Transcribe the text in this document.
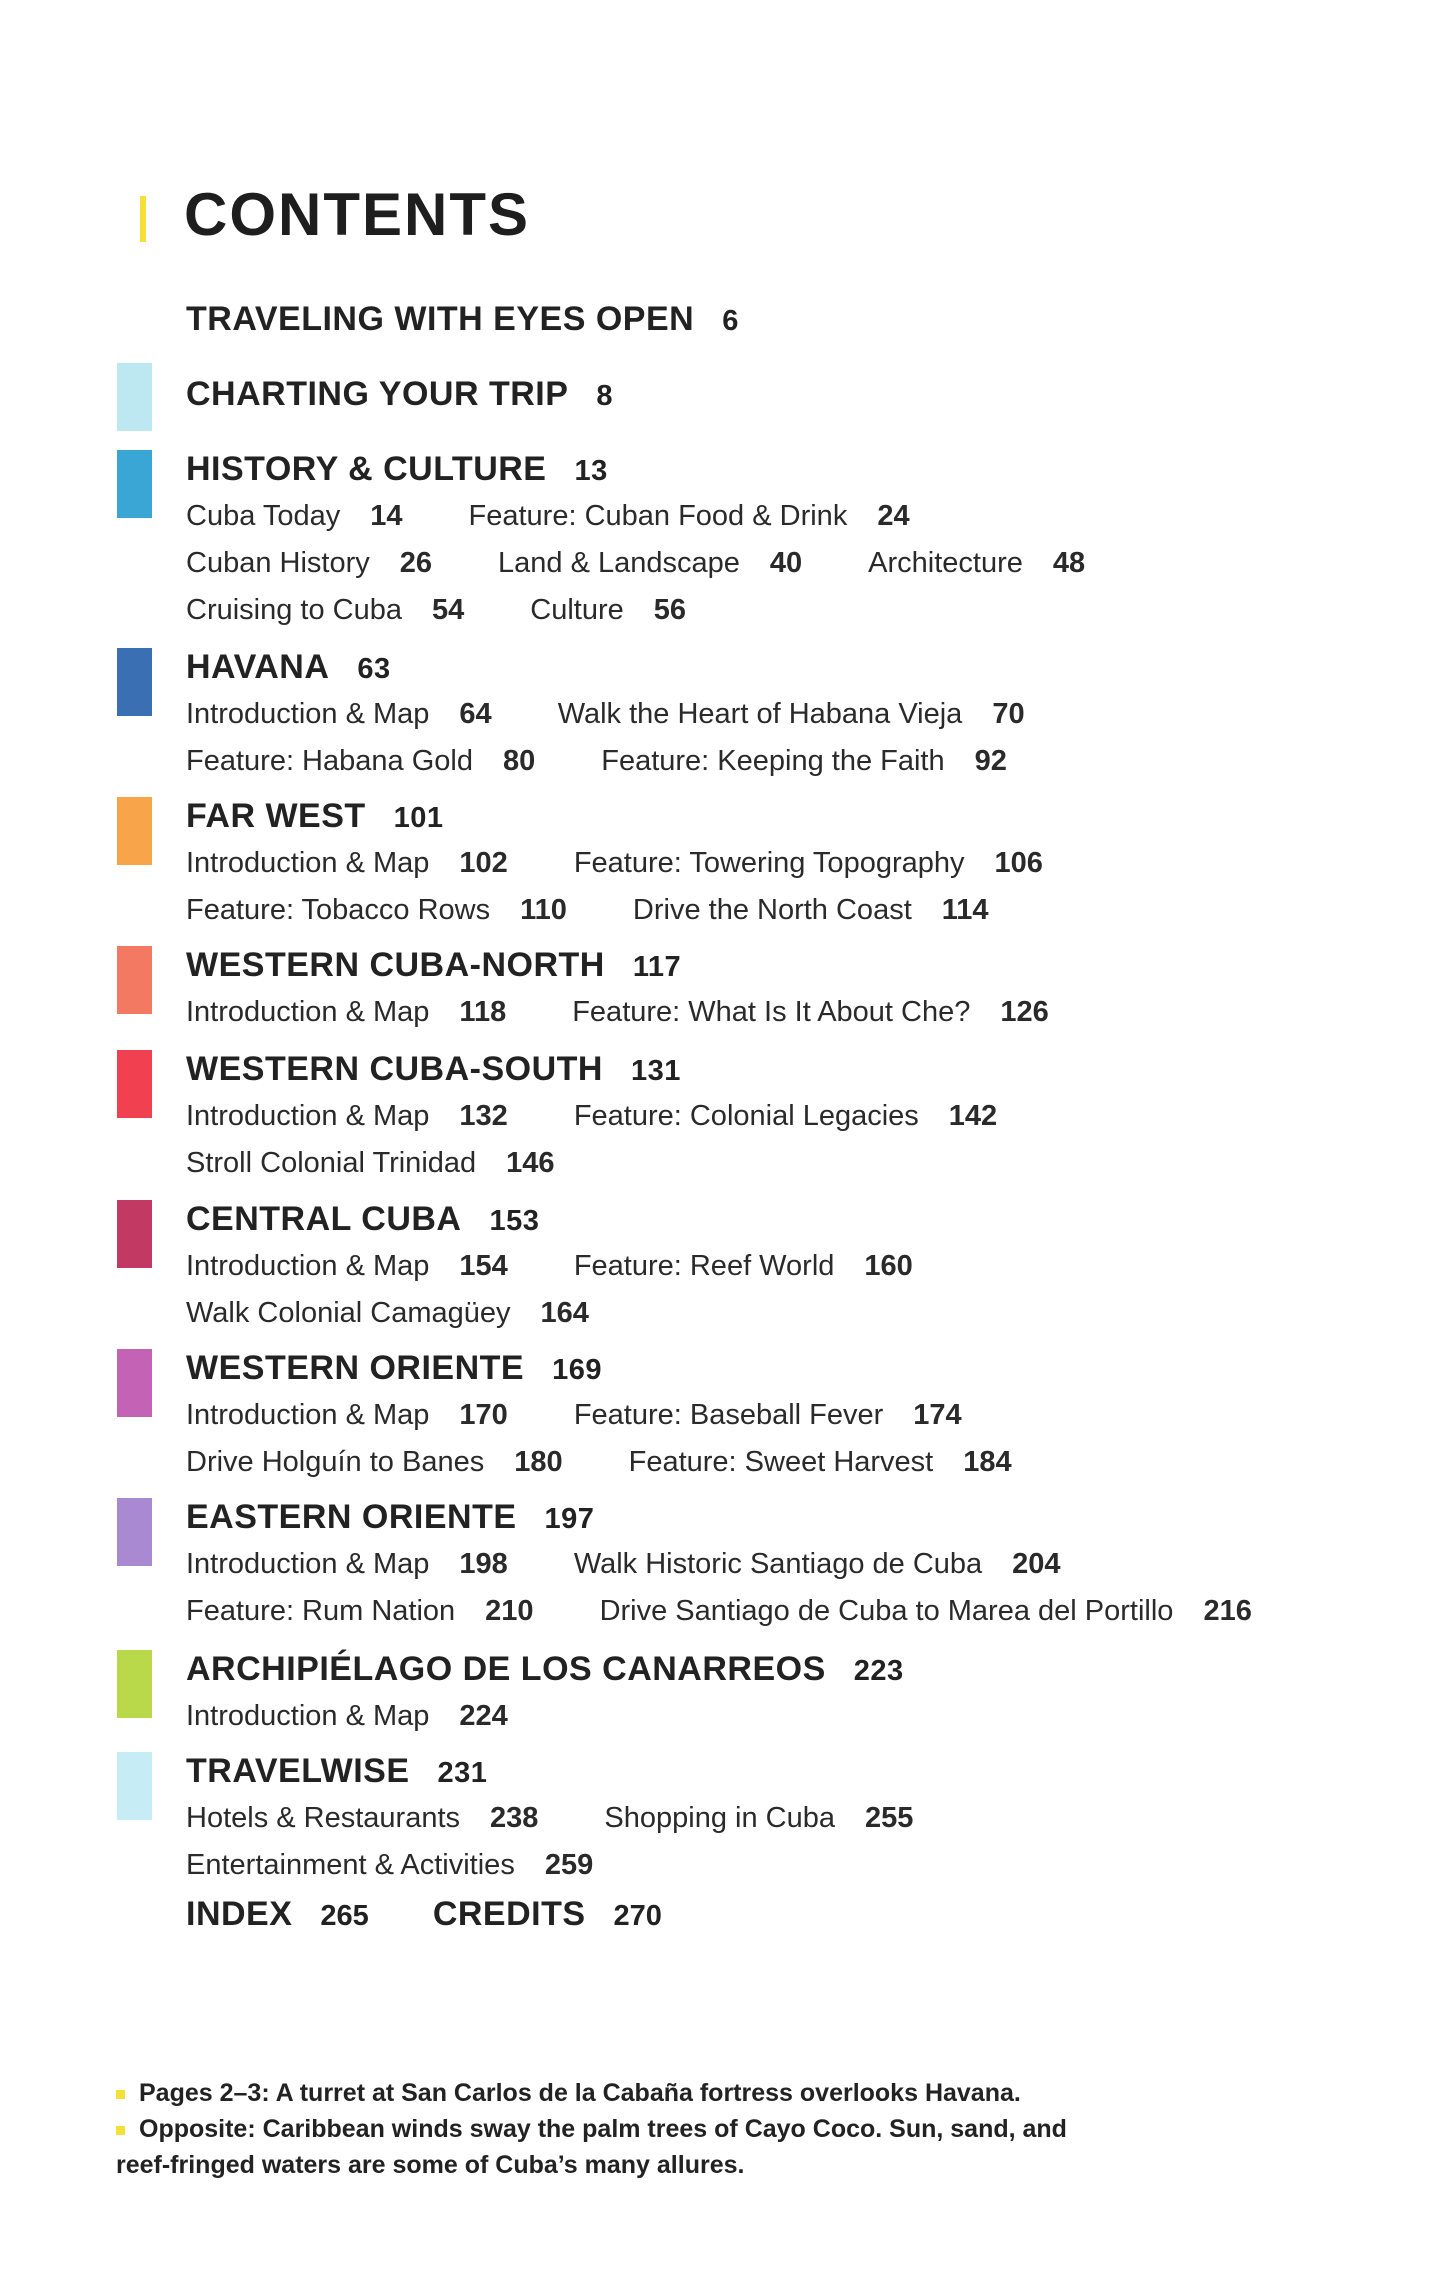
CONTENTS
TRAVELING WITH EYES OPEN 6
CHARTING YOUR TRIP 8
HISTORY & CULTURE 13
Cuba Today 14 Feature: Cuban Food & Drink 24
Cuban History 26 Land & Landscape 40 Architecture 48
Cruising to Cuba 54 Culture 56
HAVANA 63
Introduction & Map 64 Walk the Heart of Habana Vieja 70
Feature: Habana Gold 80 Feature: Keeping the Faith 92
FAR WEST 101
Introduction & Map 102 Feature: Towering Topography 106
Feature: Tobacco Rows 110 Drive the North Coast 114
WESTERN CUBA-NORTH 117
Introduction & Map 118 Feature: What Is It About Che? 126
WESTERN CUBA-SOUTH 131
Introduction & Map 132 Feature: Colonial Legacies 142
Stroll Colonial Trinidad 146
CENTRAL CUBA 153
Introduction & Map 154 Feature: Reef World 160
Walk Colonial Camagüey 164
WESTERN ORIENTE 169
Introduction & Map 170 Feature: Baseball Fever 174
Drive Holguín to Banes 180 Feature: Sweet Harvest 184
EASTERN ORIENTE 197
Introduction & Map 198 Walk Historic Santiago de Cuba 204
Feature: Rum Nation 210 Drive Santiago de Cuba to Marea del Portillo 216
ARCHIPIÉLAGO DE LOS CANARREOS 223
Introduction & Map 224
TRAVELWISE 231
Hotels & Restaurants 238 Shopping in Cuba 255
Entertainment & Activities 259
INDEX 265 CREDITS 270
Pages 2–3: A turret at San Carlos de la Cabaña fortress overlooks Havana.
Opposite: Caribbean winds sway the palm trees of Cayo Coco. Sun, sand, and reef-fringed waters are some of Cuba’s many allures.
